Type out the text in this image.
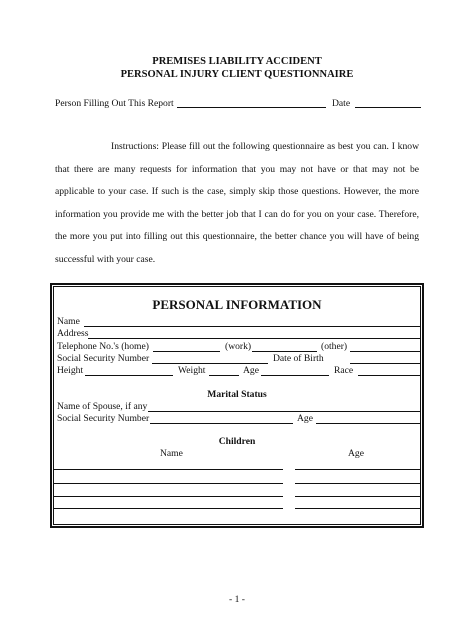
PREMISES LIABILITY ACCIDENT
PERSONAL INJURY CLIENT QUESTIONNAIRE
Person Filling Out This Report	Date
Instructions: Please fill out the following questionnaire as best you can. I know that there are many requests for information that you may not have or that may not be applicable to your case. If such is the case, simply skip those questions. However, the more information you provide me with the better job that I can do for you on your case. Therefore, the more you put into filling out this questionnaire, the better chance you will have of being successful with your case.
PERSONAL INFORMATION
Name
Address
Telephone No.'s (home)	(work)	(other)
Social Security Number	Date of Birth
Height	Weight	Age	Race
Marital Status
Name of Spouse, if any
Social Security Number	Age
Children
Name	Age
- 1 -
